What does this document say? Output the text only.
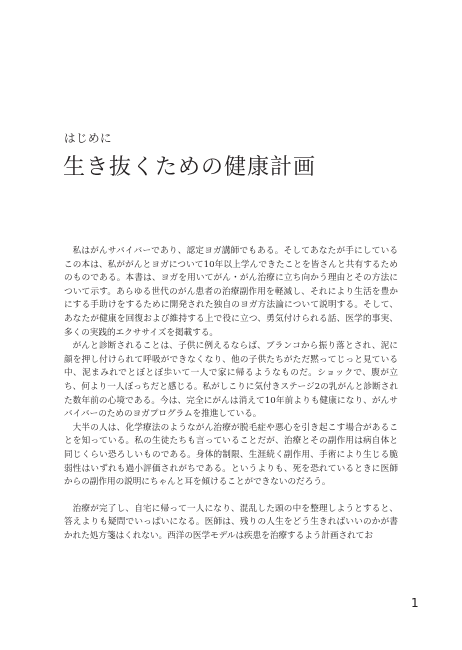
はじめに
生き抜くための健康計画

私はがんサバイバーであり、認定ヨガ講師でもある。そしてあなたが手にしているこの本は、私ががんとヨガについて10年以上学んできたことを皆さんと共有するためのものである。本書は、ヨガを用いてがん・がん治療に立ち向かう理由とその方法について示す。あらゆる世代のがん患者の治療副作用を軽減し、それにより生活を豊かにする手助けをするために開発された独自のヨガ方法論について説明する。そして、あなたが健康を回復および維持する上で役に立つ、勇気付けられる話、医学的事実、多くの実践的エクササイズを掲載する。

がんと診断されることは、子供に例えるならば、ブランコから振り落とされ、泥に顔を押し付けられて呼吸ができなくなり、他の子供たちがただ黙ってじっと見ている中、泥まみれでとぼとぼ歩いて一人で家に帰るようなものだ。ショックで、腹が立ち、何より一人ぼっちだと感じる。私がしこりに気付きステージ2の乳がんと診断された数年前の心境である。今は、完全にがんは消えて10年前よりも健康になり、がんサバイバーのためのヨガプログラムを推進している。

大半の人は、化学療法のようながん治療が脱毛症や悪心を引き起こす場合があることを知っている。私の生徒たちも言っていることだが、治療とその副作用は病自体と同じくらい恐ろしいものである。身体的制限、生涯続く副作用、手術により生じる脆弱性はいずれも過小評価されがちである。というよりも、死を恐れているときに医師からの副作用の説明にちゃんと耳を傾けることができないのだろう。

治療が完了し、自宅に帰って一人になり、混乱した頭の中を整理しようとすると、答えよりも疑問でいっぱいになる。医師は、残りの人生をどう生きればいいのかが書かれた処方箋はくれない。西洋の医学モデルは疾患を治療するよう計画されてお

1
